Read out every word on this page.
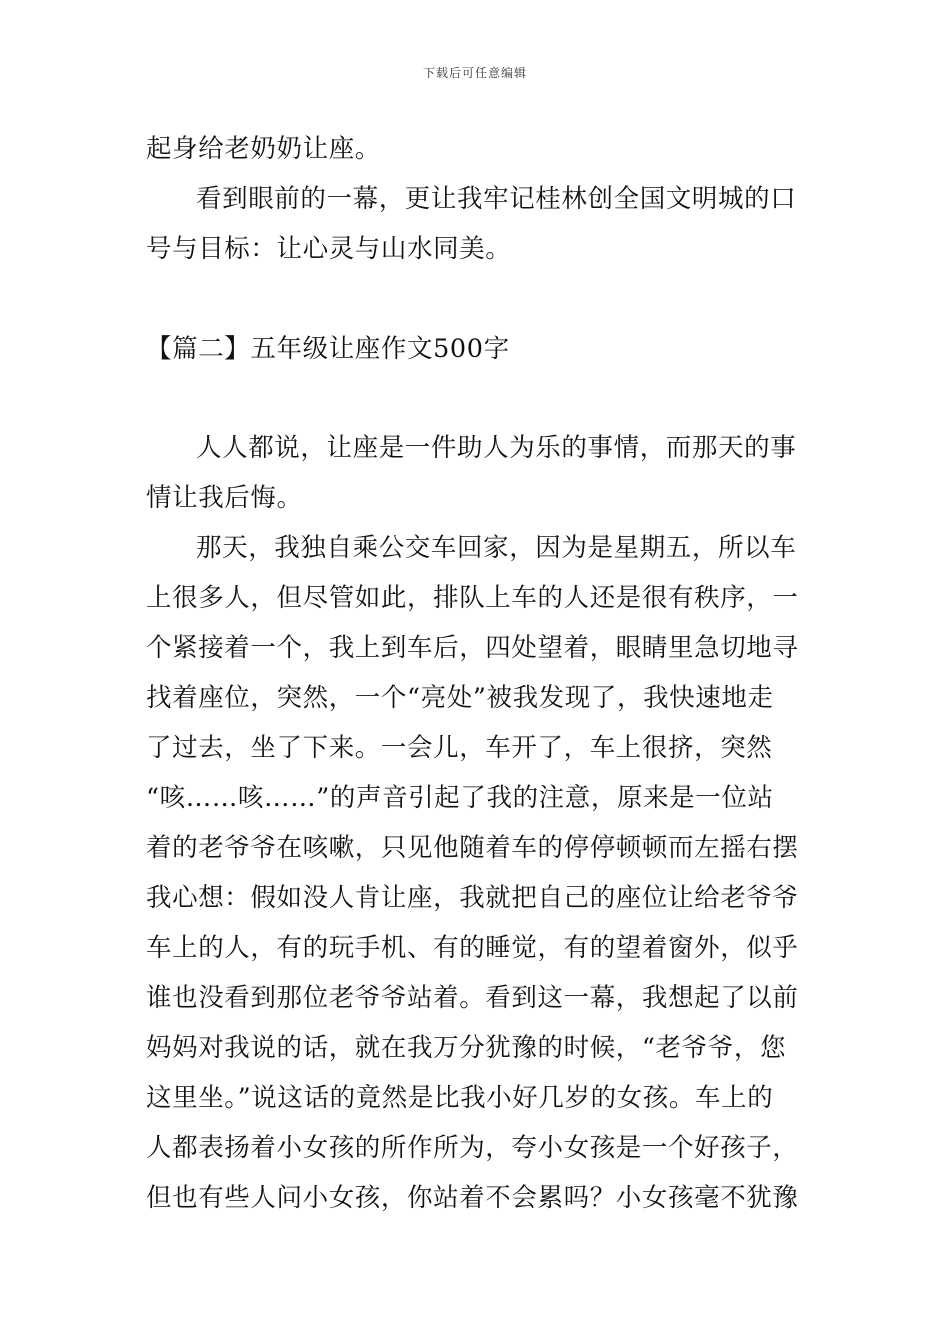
下载后可任意编辑
起身给老奶奶让座。
看到眼前的一幕，更让我牢记桂林创全国文明城的口
号与目标：让心灵与山水同美。
【篇二】五年级让座作文500字
人人都说，让座是一件助人为乐的事情，而那天的事
情让我后悔。
那天，我独自乘公交车回家，因为是星期五，所以车
上很多人，但尽管如此，排队上车的人还是很有秩序，一
个紧接着一个，我上到车后，四处望着，眼睛里急切地寻
找着座位，突然，一个“亮处”被我发现了，我快速地走
了过去，坐了下来。一会儿，车开了，车上很挤，突然
“咳……咳……”的声音引起了我的注意，原来是一位站
着的老爷爷在咳嗽，只见他随着车的停停顿顿而左摇右摆
我心想：假如没人肯让座，我就把自己的座位让给老爷爷
车上的人，有的玩手机、有的睡觉，有的望着窗外，似乎
谁也没看到那位老爷爷站着。看到这一幕，我想起了以前
妈妈对我说的话，就在我万分犹豫的时候，“老爷爷，您
这里坐。”说这话的竟然是比我小好几岁的女孩。车上的
人都表扬着小女孩的所作所为，夸小女孩是一个好孩子，
但也有些人问小女孩，你站着不会累吗？小女孩毫不犹豫
